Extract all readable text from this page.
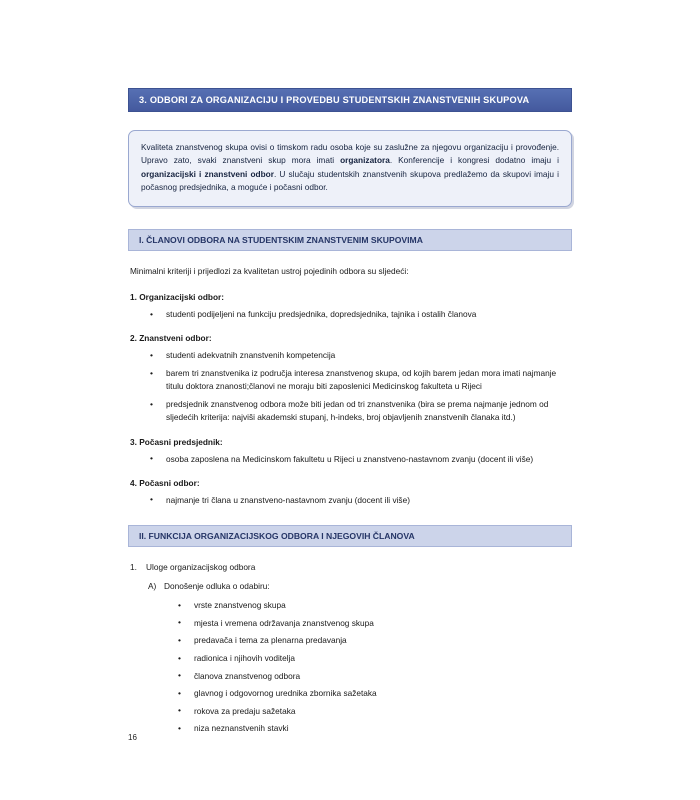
3. ODBORI ZA ORGANIZACIJU I PROVEDBU STUDENTSKIH ZNANSTVENIH SKUPOVA
Kvaliteta znanstvenog skupa ovisi o timskom radu osoba koje su zaslužne za njegovu organizaciju i provođenje. Upravo zato, svaki znanstveni skup mora imati organizatora. Konferencije i kongresi dodatno imaju i organizacijski i znanstveni odbor. U slučaju studentskih znanstvenih skupova predlažemo da skupovi imaju i počasnog predsjednika, a moguće i počasni odbor.
I. ČLANOVI ODBORA NA STUDENTSKIM ZNANSTVENIM SKUPOVIMA

Minimalni kriteriji i prijedlozi za kvalitetan ustroj pojedinih odbora su sljedeći:

1. Organizacijski odbor:
• studenti podijeljeni na funkciju predsjednika, dopredsjednika, tajnika i ostalih članova
2. Znanstveni odbor:
• studenti adekvatnih znanstvenih kompetencija
• barem tri znanstvenika iz područja interesa znanstvenog skupa, od kojih barem jedan mora imati najmanje titulu doktora znanosti;članovi ne moraju biti zaposlenici Medicinskog fakulteta u Rijeci
• predsjednik znanstvenog odbora može biti jedan od tri znanstvenika (bira se prema najmanje jednom od sljedećih kriterija: najviši akademski stupanj, h-indeks, broj objavljenih znanstvenih članaka itd.)
3. Počasni predsjednik:
• osoba zaposlena na Medicinskom fakultetu u Rijeci u znanstveno-nastavnom zvanju (docent ili više)
4. Počasni odbor:
• najmanje tri člana u znanstveno-nastavnom zvanju (docent ili više)
II. FUNKCIJA ORGANIZACIJSKOG ODBORA I NJEGOVIH ČLANOVA
1. Uloge organizacijskog odbora
A) Donošenje odluka o odabiru:
• vrste znanstvenog skupa
• mjesta i vremena održavanja znanstvenog skupa
• predavača i tema za plenarna predavanja
• radionica i njihovih voditelja
• članova znanstvenog odbora
• glavnog i odgovornog urednika zbornika sažetaka
• rokova za predaju sažetaka
• niza neznanstvenih stavki
16
